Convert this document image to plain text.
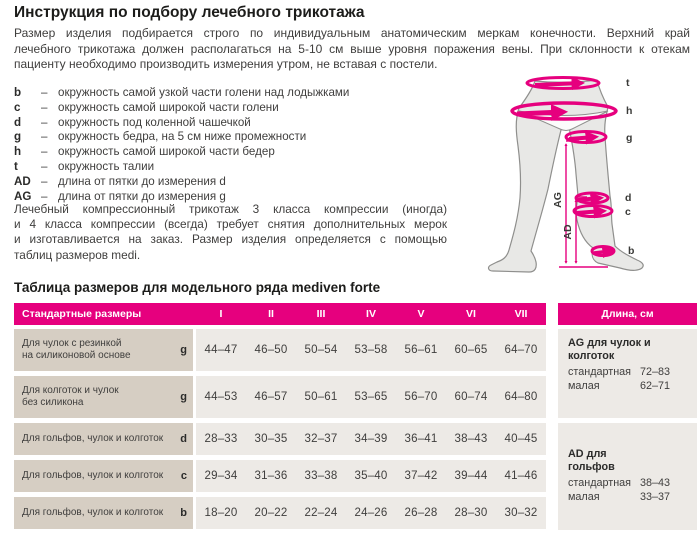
Инструкция по подбору лечебного трикотажа
Размер изделия подбирается строго по индивидуальным анатомическим меркам конечности. Верхний край
лечебного трикотажа должен располагаться на 5-10 см выше уровня поражения вены. При склонности к отекам
пациенту необходимо производить измерения утром, не вставая с постели.
b	– окружность самой узкой части голени над лодыжками
c	– окружность самой широкой части голени
d	– окружность под коленной чашечкой
g	– окружность бедра, на 5 см ниже промежности
h	– окружность самой широкой части бедер
t	– окружность талии
AD – длина от пятки до измерения d
AG – длина от пятки до измерения g
Лечебный компрессионный трикотаж 3 класса компрессии (иногда)
и 4 класса компрессии (всегда) требует снятия дополнительных мерок
и изготавливается на заказ. Размер изделия определяется с помощью
таблиц размеров medi.
t
h
g
d
c
b
AG
AD
Таблица размеров для модельного ряда mediven forte
Стандартные размеры	I	II	III	IV	V	VI	VII
Для чулок с резинкой
на силиконовой основе	g	44–47	46–50	50–54	53–58	56–61	60–65	64–70
Для колготок и чулок
без силикона	g	44–53	46–57	50–61	53–65	56–70	60–74	64–80
Для гольфов, чулок и колготок	d	28–33	30–35	32–37	34–39	36–41	38–43	40–45
Для гольфов, чулок и колготок	c	29–34	31–36	33–38	35–40	37–42	39–44	41–46
Для гольфов, чулок и колготок	b	18–20	20–22	22–24	24–26	26–28	28–30	30–32
Длина, см
AG для чулок и колготок
стандартная 72–83
малая	62–71
AD для гольфов
стандартная 38–43
малая	33–37
